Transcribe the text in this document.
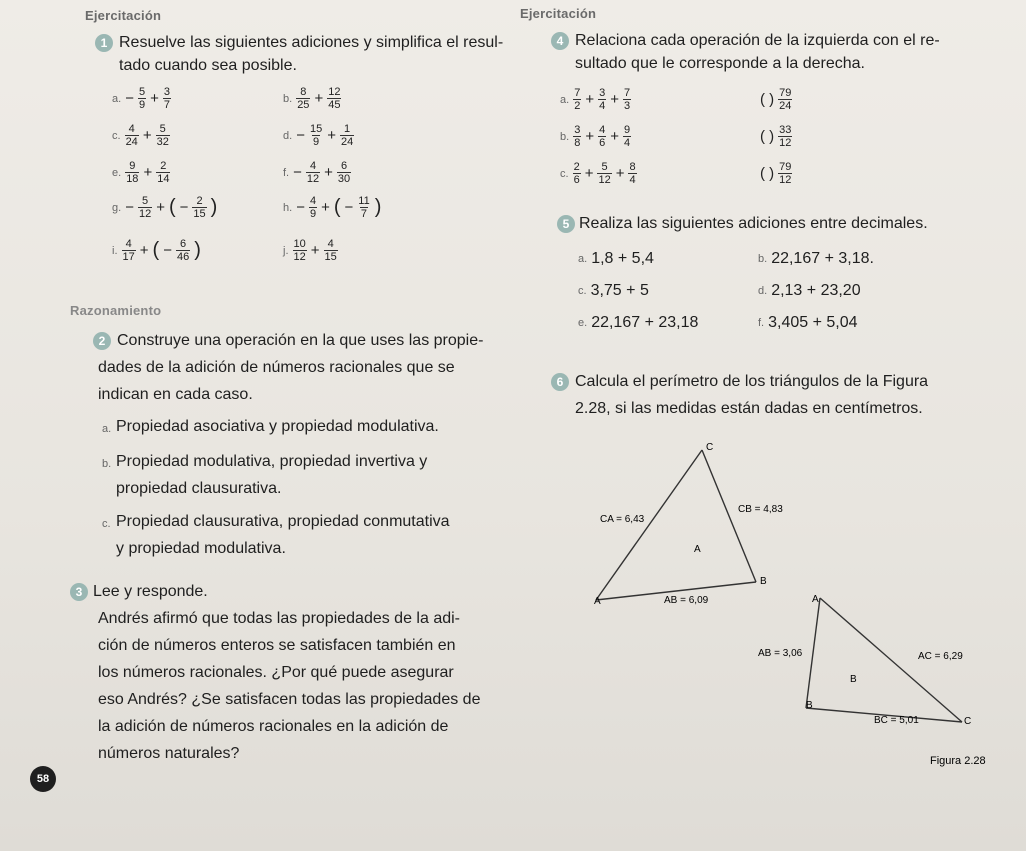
Ejercitación
1 Resuelve las siguientes adiciones y simplifica el resul-
tado cuando sea posible.
a. − $\frac{5}{9} + \frac{3}{7}$	b. $\frac{8}{25} + \frac{12}{45}$
c. $\frac{4}{24} + \frac{5}{32}$	d. − $\frac{15}{9} + \frac{1}{24}$
e. $\frac{9}{18} + \frac{2}{14}$	f. − $\frac{4}{12} + \frac{6}{30}$
g. − $\frac{5}{12}$ + ( − $\frac{2}{15}$ )	h. − $\frac{4}{9}$ + ( − $\frac{11}{7}$ )
i. $\frac{4}{17}$ + ( − $\frac{6}{46}$ )	j. $\frac{10}{12} + \frac{4}{15}$
Razonamiento
2 Construye una operación en la que uses las propie-
dades de la adición de números racionales que se
indican en cada caso.
a. Propiedad asociativa y propiedad modulativa.
b. Propiedad modulativa, propiedad invertiva y
propiedad clausurativa.
c. Propiedad clausurativa, propiedad conmutativa
y propiedad modulativa.
3 Lee y responde.
Andrés afirmó que todas las propiedades de la adi-
ción de números enteros se satisfacen también en
los números racionales. ¿Por qué puede asegurar
eso Andrés? ¿Se satisfacen todas las propiedades de
la adición de números racionales en la adición de
números naturales?
58
Ejercitación
4 Relaciona cada operación de la izquierda con el re-
sultado que le corresponde a la derecha.
a. $\frac{7}{2} + \frac{3}{4} + \frac{7}{3}$	( ) $\frac{79}{24}$
b. $\frac{3}{8} + \frac{4}{6} + \frac{9}{4}$	( ) $\frac{33}{12}$
c. $\frac{2}{6} + \frac{5}{12} + \frac{8}{4}$	( ) $\frac{79}{12}$
5 Realiza las siguientes adiciones entre decimales.
a. 1,8 + 5,4	b. 22,167 + 3,18.
c. 3,75 + 5	d. 2,13 + 23,20
e. 22,167 + 23,18	f. 3,405 + 5,04
6 Calcula el perímetro de los triángulos de la Figura
2.28, si las medidas están dadas en centímetros.
C
A
B
A
CA = 6,43
CB = 4,83
AB = 6,09	A
B
C
B
AB = 3,06	AC = 6,29
BC = 5,01
Figura 2.28
